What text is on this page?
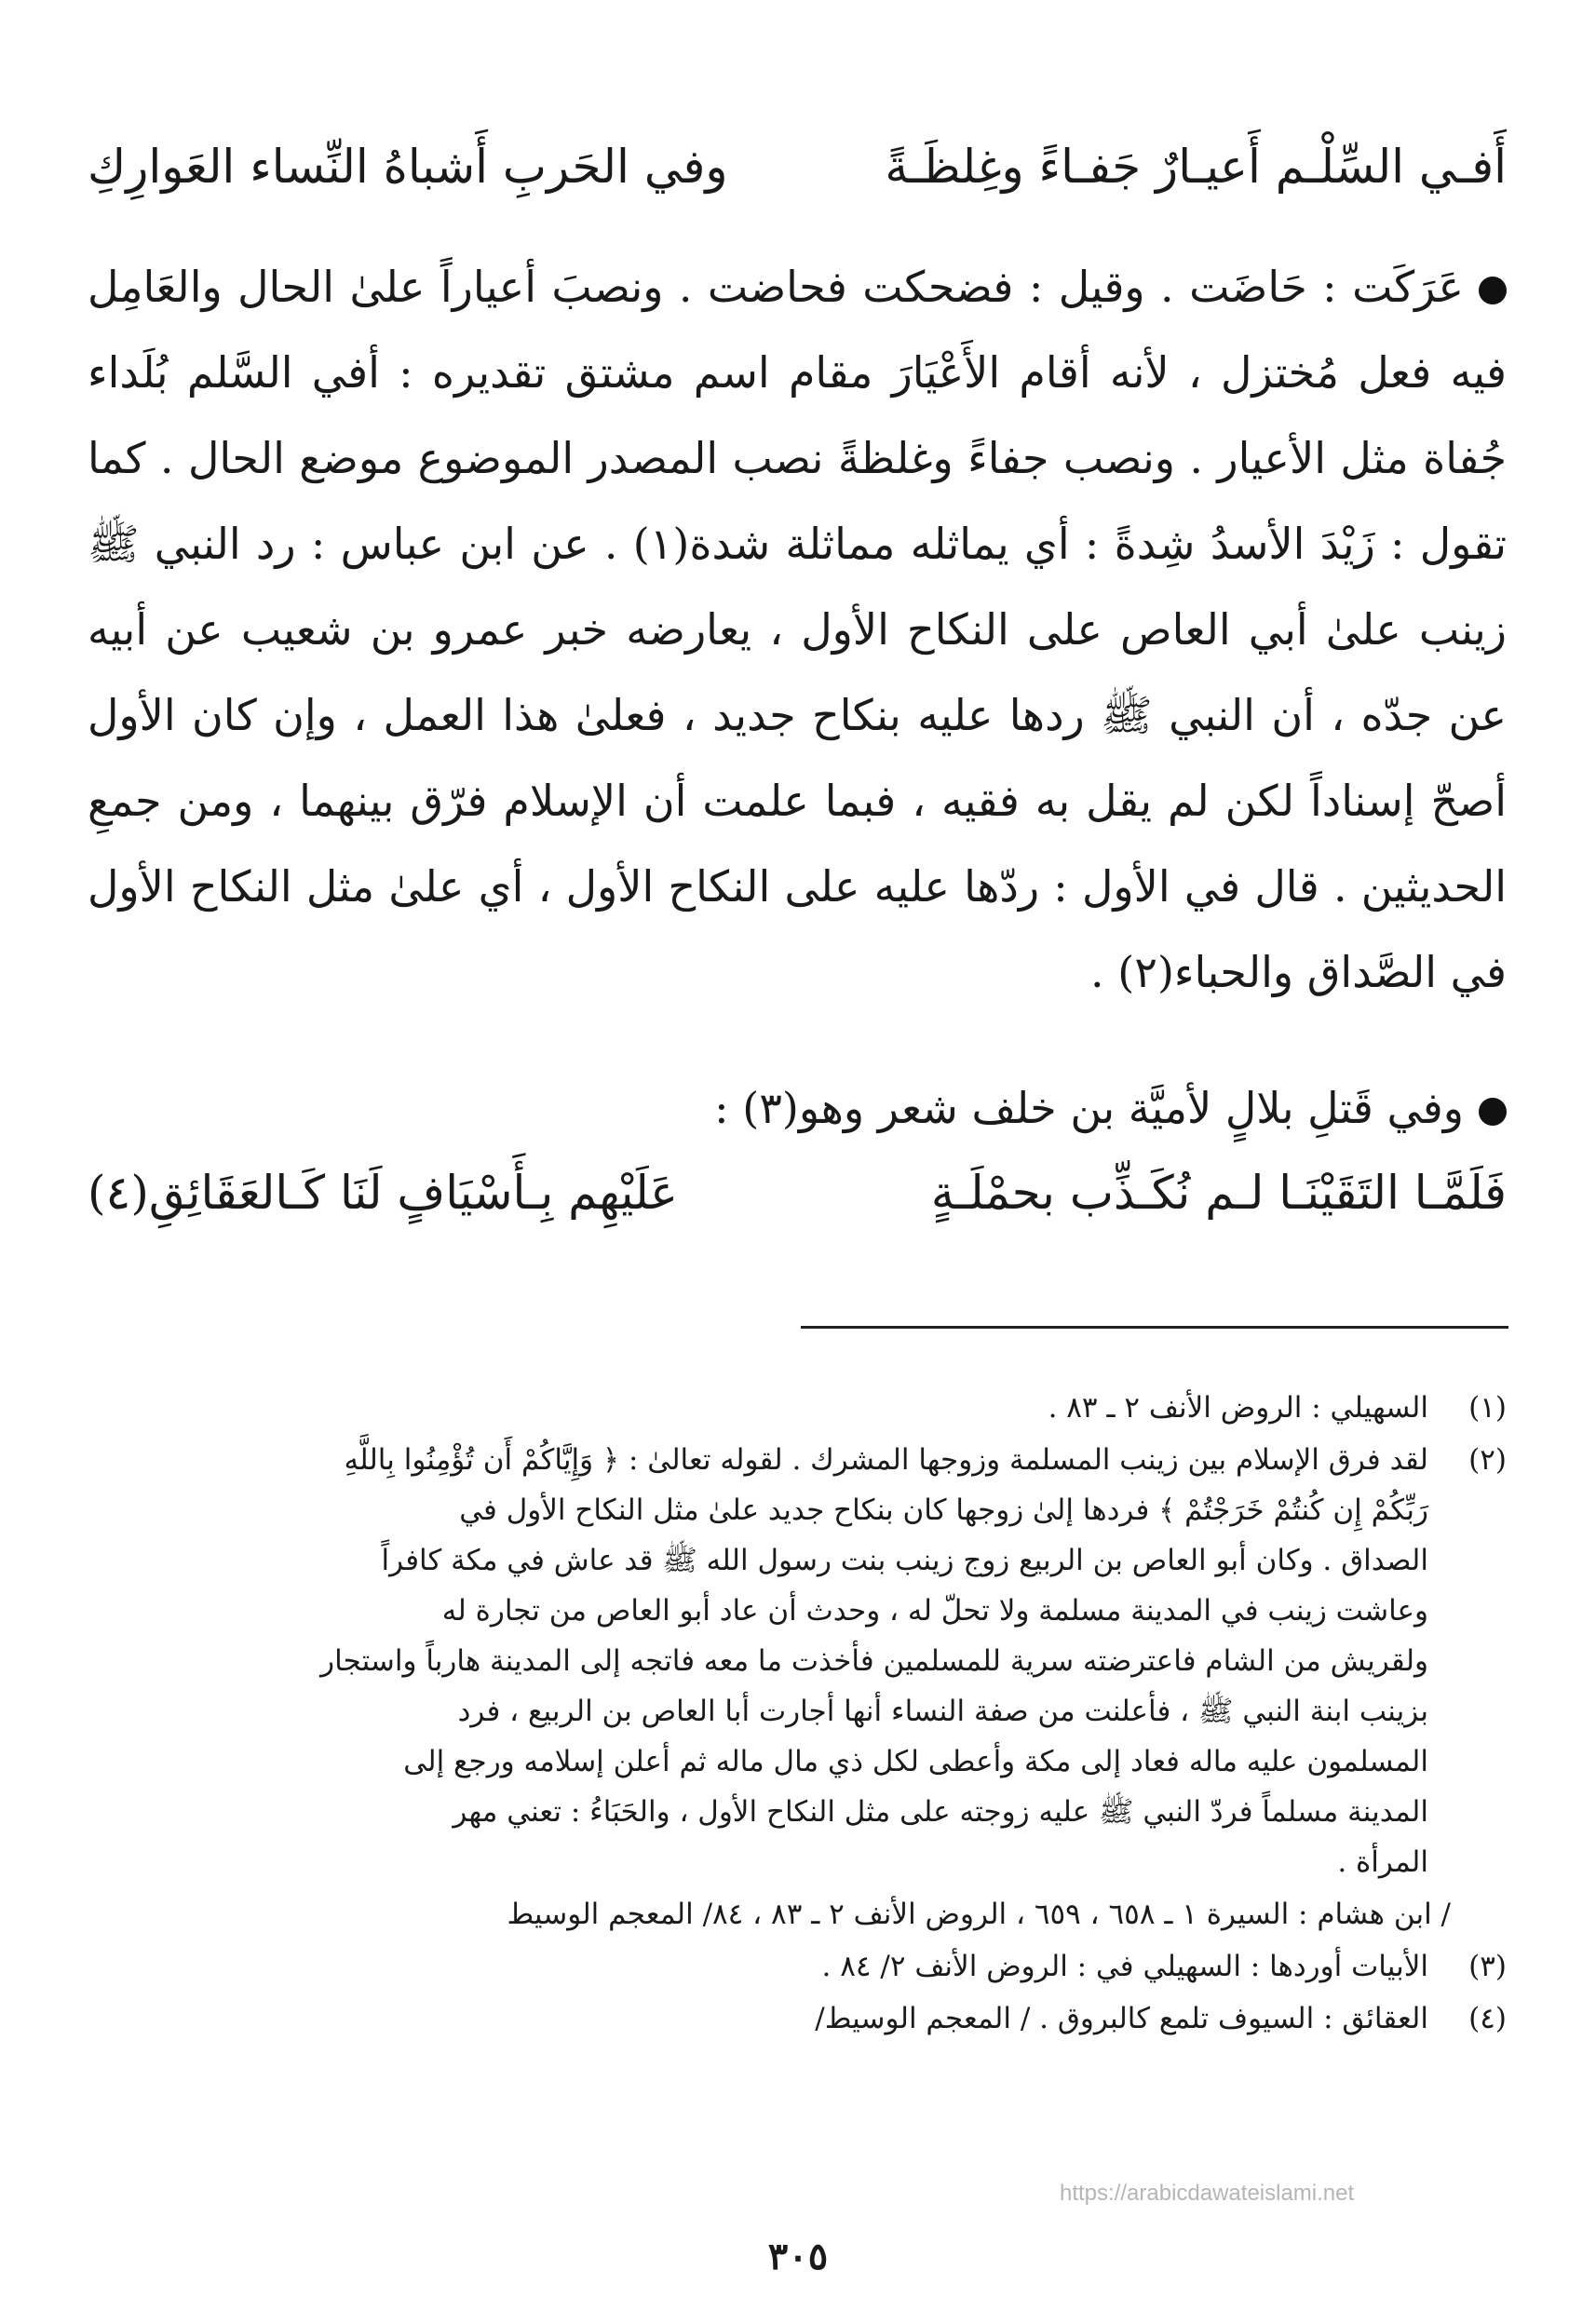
أَفـي السِّلْـم أَعيـارٌ جَفـاءً وغِلظَـةً
وفي الحَربِ أَشباهُ النِّساء العَوارِكِ
عَرَكَت : حَاضَت . وقيل : فضحكت فحاضت . ونصبَ أعياراً علىٰ الحال والعَامِل فيه فعل مُختزل ، لأنه أقام الأَعْيَارَ مقام اسم مشتق تقديره : أفي السَّلم بُلَداء جُفاة مثل الأعيار . ونصب جفاءً وغلظةً نصب المصدر الموضوع موضع الحال . كما تقول : زَيْدَ الأسدُ شِدةً : أي يماثله مماثلة شدة(١) . عن ابن عباس : رد النبي ﷺ زينب علىٰ أبي العاص على النكاح الأول ، يعارضه خبر عمرو بن شعيب عن أبيه عن جدّه ، أن النبي ﷺ ردها عليه بنكاح جديد ، فعلىٰ هذا العمل ، وإن كان الأول أصحّ إسناداً لكن لم يقل به فقيه ، فبما علمت أن الإسلام فرّق بينهما ، ومن جمعِ الحديثين . قال في الأول : ردّها عليه على النكاح الأول ، أي علىٰ مثل النكاح الأول في الصَّداق والحباء(٢) .
وفي قَتلِ بلالٍ لأميَّة بن خلف شعر وهو(٣) :
فَلَمَّـا التَقَيْنَـا لـم نُكَـذِّب بحمْلَـةٍ
عَلَيْهِم بِـأَسْيَافٍ لَنَا كَـالعَقَائِقِ(٤)
(١)
السهيلي : الروض الأنف ٢ ـ ٨٣ .
(٢)
لقد فرق الإسلام بين زينب المسلمة وزوجها المشرك . لقوله تعالىٰ : ﴿ وَإِيَّاكُمْ أَن تُؤْمِنُوا بِاللَّهِ
رَبِّكُمْ إِن كُنتُمْ خَرَجْتُمْ ﴾ فردها إلىٰ زوجها كان بنكاح جديد علىٰ مثل النكاح الأول في
الصداق . وكان أبو العاص بن الربيع زوج زينب بنت رسول الله ﷺ قد عاش في مكة كافراً
وعاشت زينب في المدينة مسلمة ولا تحلّ له ، وحدث أن عاد أبو العاص من تجارة له
ولقريش من الشام فاعترضته سرية للمسلمين فأخذت ما معه فاتجه إلى المدينة هارباً واستجار
بزينب ابنة النبي ﷺ ، فأعلنت من صفة النساء أنها أجارت أبا العاص بن الربيع ، فرد
المسلمون عليه ماله فعاد إلى مكة وأعطى لكل ذي مال ماله ثم أعلن إسلامه ورجع إلى
المدينة مسلماً فردّ النبي ﷺ عليه زوجته على مثل النكاح الأول ، والحَبَاءُ : تعني مهر
المرأة .
/ ابن هشام : السيرة ١ ـ ٦٥٨ ، ٦٥٩ ، الروض الأنف ٢ ـ ٨٣ ، ٨٤/ المعجم الوسيط
(٣)
الأبيات أوردها : السهيلي في : الروض الأنف ٢/ ٨٤ .
(٤)
العقائق : السيوف تلمع كالبروق . / المعجم الوسيط/
https://arabicdawateislami.net
٣٠٥
